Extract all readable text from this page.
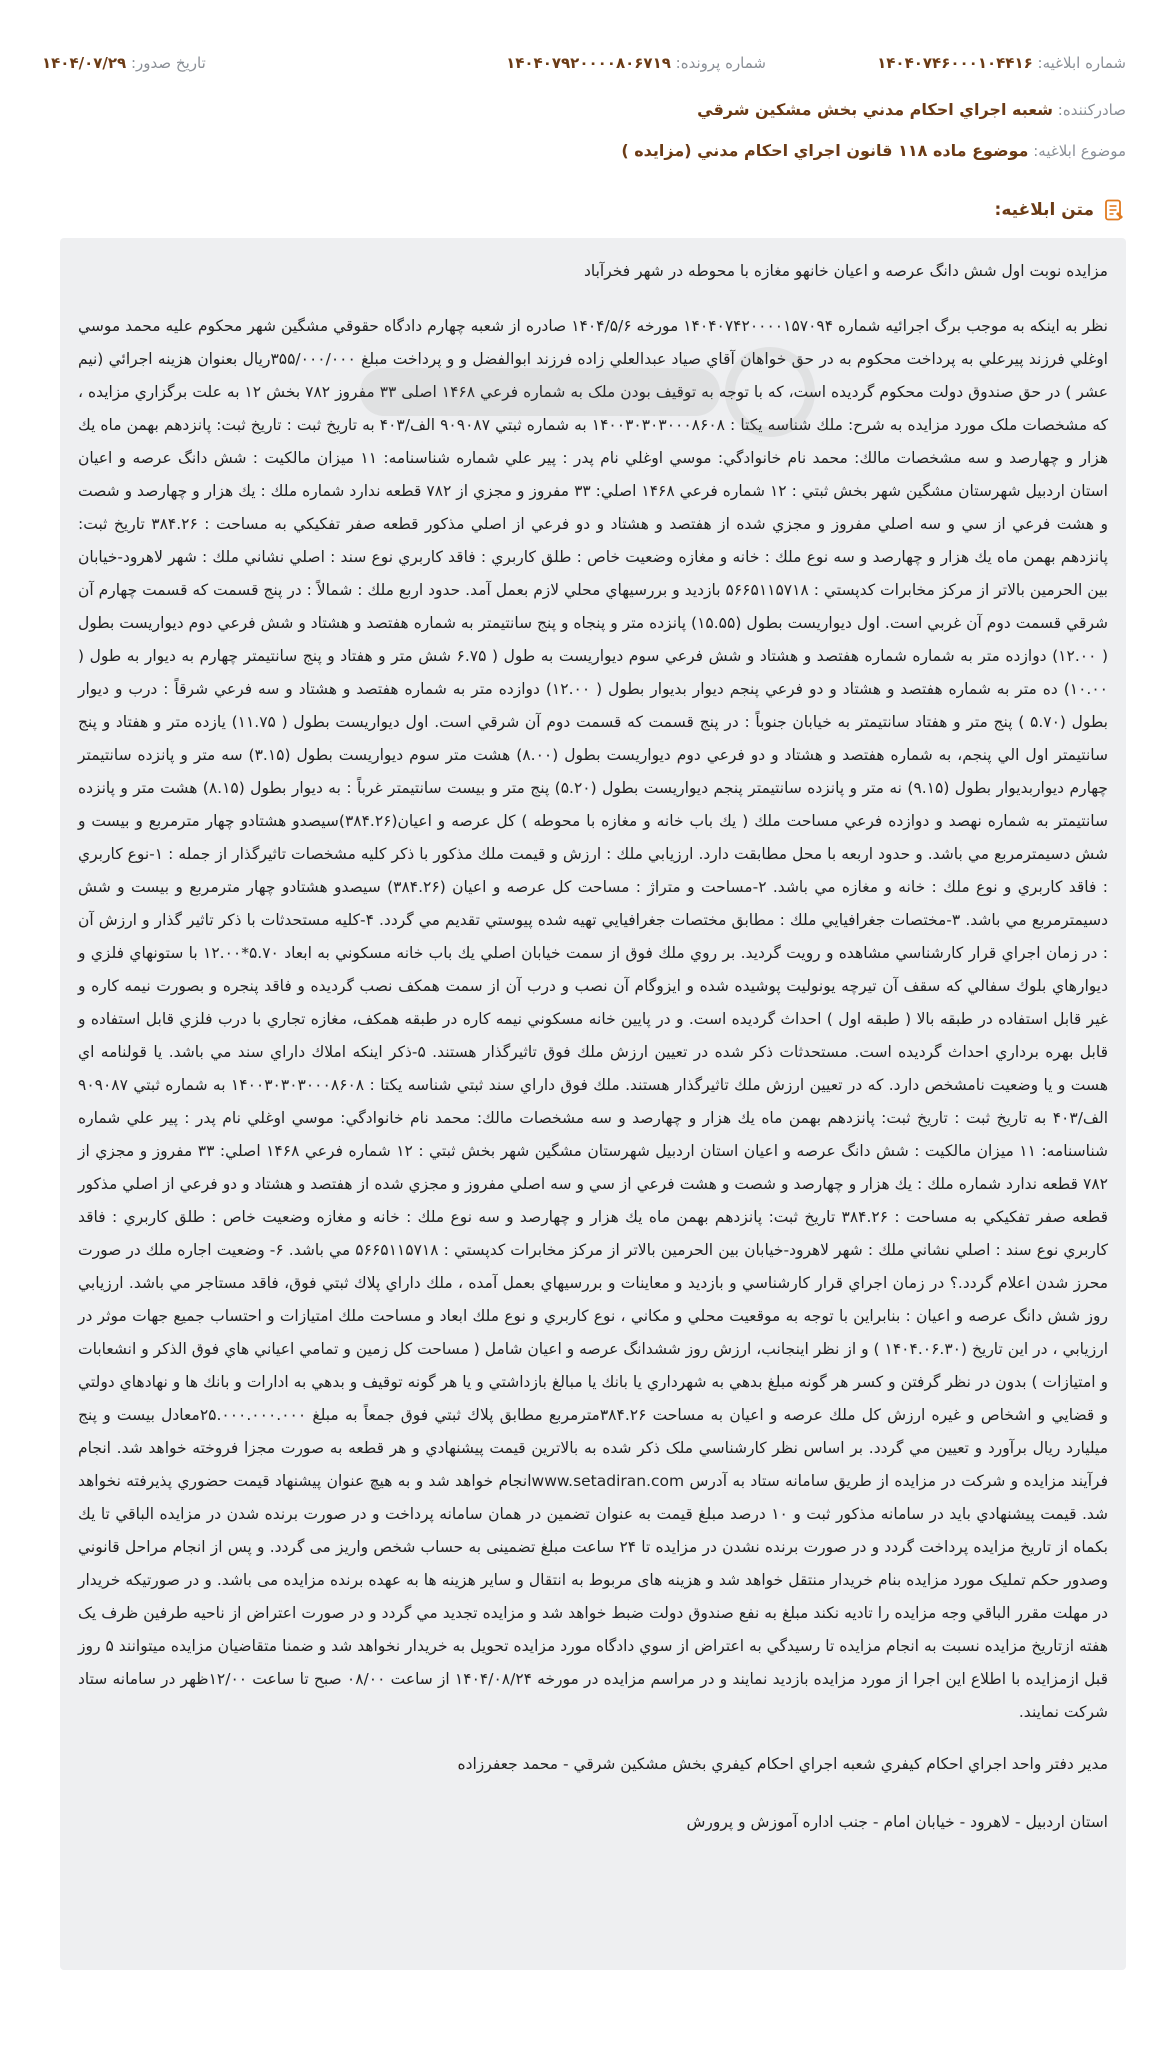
شماره ابلاغيه: ۱۴۰۴۰۷۴۶۰۰۰۱۰۴۴۱۶
شماره پرونده: ۱۴۰۴۰۷۹۲۰۰۰۰۸۰۶۷۱۹
تاريخ صدور: ۱۴۰۴/۰۷/۲۹
صادركننده: شعبه اجراي احكام مدني بخش مشكين شرقي
موضوع ابلاغيه: موضوع ماده ۱۱۸ قانون اجراي احكام مدني (مزايده )
متن ابلاغيه:

مزايده نوبت اول شش دانگ عرصه و اعيان خانهو مغازه با محوطه در شهر فخرآباد

نظر به اينكه به موجب برگ اجرائيه شماره ۱۴۰۴۰۷۴۲۰۰۰۰۱۵۷۰۹۴ مورخه ۱۴۰۴/۵/۶ صادره از شعبه چهارم دادگاه حقوقي مشگين شهر محكوم عليه محمد موسي اوغلي فرزند پيرعلي به پرداخت محكوم به در حق خواهان آقاي صياد عبدالعلي زاده فرزند ابوالفضل و و پرداخت مبلغ ۳۵۵/۰۰۰/۰۰۰ريال بعنوان هزينه اجرائي (نيم عشر ) در حق صندوق دولت محكوم گرديده است، كه با توجه به توقيف بودن ملک به شماره فرعي ۱۴۶۸ اصلی ۳۳ مفروز ۷۸۲ بخش ۱۲ به علت برگزاري مزايده ، كه مشخصات ملک مورد مزايده به شرح: ملك شناسه يكتا : ۱۴۰۰۳۰۳۰۳۰۰۰۸۶۰۸ به شماره ثبتي ۹۰۹۰۸۷ الف/۴۰۳ به تاريخ ثبت : تاريخ ثبت: پانزدهم بهمن ماه يك هزار و چهارصد و سه مشخصات مالك: محمد نام خانوادگي: موسي اوغلي نام پدر : پير علي شماره شناسنامه: ۱۱ ميزان مالكيت : شش دانگ عرصه و اعيان استان اردبيل شهرستان مشگين شهر بخش ثبتي : ۱۲ شماره فرعي ۱۴۶۸ اصلي: ۳۳ مفروز و مجزي از ۷۸۲ قطعه ندارد شماره ملك : يك هزار و چهارصد و شصت و هشت فرعي از سي و سه اصلي مفروز و مجزي شده از هفتصد و هشتاد و دو فرعي از اصلي مذكور قطعه صفر تفكيكي به مساحت : ۳۸۴.۲۶ تاريخ ثبت: پانزدهم بهمن ماه يك هزار و چهارصد و سه نوع ملك : خانه و مغازه وضعيت خاص : طلق كاربري : فاقد كاربري نوع سند : اصلي نشاني ملك : شهر لاهرود-خيابان بين الحرمين بالاتر از مركز مخابرات كدپستي : ۵۶۶۵۱۱۵۷۱۸ بازديد و بررسيهاي محلي لازم بعمل آمد. حدود اربع ملك : شمالاً : در پنج قسمت كه قسمت چهارم آن شرقي قسمت دوم آن غربي است. اول ديواريست بطول (۱۵.۵۵) پانزده متر و پنجاه و پنج سانتيمتر به شماره هفتصد و هشتاد و شش فرعي دوم ديواريست بطول ( ۱۲.۰۰) دوازده متر به شماره شماره هفتصد و هشتاد و شش فرعي سوم ديواريست به طول ( ۶.۷۵ شش متر و هفتاد و پنج سانتيمتر چهارم به ديوار به طول ( ۱۰.۰۰) ده متر به شماره هفتصد و هشتاد و دو فرعي پنجم ديوار بديوار بطول ( ۱۲.۰۰) دوازده متر به شماره هفتصد و هشتاد و سه فرعي شرقاً : درب و ديوار بطول (۵.۷۰ ) پنج متر و هفتاد سانتيمتر به خيابان جنوباً : در پنج قسمت كه قسمت دوم آن شرقي است. اول ديواريست بطول ( ۱۱.۷۵) يازده متر و هفتاد و پنج سانتيمتر اول الي پنجم، به شماره هفتصد و هشتاد و دو فرعي دوم ديواريست بطول (۸.۰۰) هشت متر سوم ديواريست بطول (۳.۱۵) سه متر و پانزده سانتيمتر چهارم ديواربديوار بطول (۹.۱۵) نه متر و پانزده سانتيمتر پنجم ديواريست بطول (۵.۲۰) پنج متر و بيست سانتيمتر غرباً : به ديوار بطول (۸.۱۵) هشت متر و پانزده سانتيمتر به شماره نهصد و دوازده فرعي مساحت ملك ( يك باب خانه و مغازه با محوطه ) كل عرصه و اعيان(۳۸۴.۲۶)سيصدو هشتادو چهار مترمربع و بيست و شش دسيمترمربع مي باشد. و حدود اربعه با محل مطابقت دارد. ارزيابي ملك : ارزش و قيمت ملك مذكور با ذكر كليه مشخصات تاثيرگذار از جمله : ۱-نوع كاربري : فاقد كاربري و نوع ملك : خانه و مغازه مي باشد. ۲-مساحت و متراژ : مساحت كل عرصه و اعيان (۳۸۴.۲۶) سيصدو هشتادو چهار مترمربع و بيست و شش دسيمترمربع مي باشد. ۳-مختصات جغرافيايي ملك : مطابق مختصات جغرافيايي تهيه شده پيوستي تقديم مي گردد. ۴-كليه مستحدثات با ذكر تاثير گذار و ارزش آن : در زمان اجراي قرار كارشناسي مشاهده و رويت گرديد. بر روي ملك فوق از سمت خيابان اصلي يك باب خانه مسكوني به ابعاد ۵.۷۰*۱۲.۰۰ با ستونهاي فلزي و ديوارهاي بلوك سفالي كه سقف آن تيرچه يونوليت پوشيده شده و ايزوگام آن نصب و درب آن از سمت همكف نصب گرديده و فاقد پنجره و بصورت نيمه كاره و غير قابل استفاده در طبقه بالا ( طبقه اول ) احداث گرديده است. و در پايين خانه مسكوني نيمه كاره در طبقه همكف، مغازه تجاري با درب فلزي قابل استفاده و قابل بهره برداري احداث گرديده است. مستحدثات ذكر شده در تعيين ارزش ملك فوق تاثيرگذار هستند. ۵-ذكر اينكه املاك داراي سند مي باشد. يا قولنامه اي هست و يا وضعيت نامشخص دارد. كه در تعيين ارزش ملك تاثيرگذار هستند. ملك فوق داراي سند ثبتي شناسه يكتا : ۱۴۰۰۳۰۳۰۳۰۰۰۸۶۰۸ به شماره ثبتي ۹۰۹۰۸۷ الف/۴۰۳ به تاريخ ثبت : تاريخ ثبت: پانزدهم بهمن ماه يك هزار و چهارصد و سه مشخصات مالك: محمد نام خانوادگي: موسي اوغلي نام پدر : پير علي شماره شناسنامه: ۱۱ ميزان مالكيت : شش دانگ عرصه و اعيان استان اردبيل شهرستان مشگين شهر بخش ثبتي : ۱۲ شماره فرعي ۱۴۶۸ اصلي: ۳۳ مفروز و مجزي از ۷۸۲ قطعه ندارد شماره ملك : يك هزار و چهارصد و شصت و هشت فرعي از سي و سه اصلي مفروز و مجزي شده از هفتصد و هشتاد و دو فرعي از اصلي مذكور قطعه صفر تفكيكي به مساحت : ۳۸۴.۲۶ تاريخ ثبت: پانزدهم بهمن ماه يك هزار و چهارصد و سه نوع ملك : خانه و مغازه وضعيت خاص : طلق كاربري : فاقد كاربري نوع سند : اصلي نشاني ملك : شهر لاهرود-خيابان بين الحرمين بالاتر از مركز مخابرات كدپستي : ۵۶۶۵۱۱۵۷۱۸ مي باشد. ۶- وضعيت اجاره ملك در صورت محرز شدن اعلام گردد.؟ در زمان اجراي قرار كارشناسي و بازديد و معاينات و بررسيهاي بعمل آمده ، ملك داراي پلاك ثبتي فوق، فاقد مستاجر مي باشد. ارزيابي روز شش دانگ عرصه و اعيان : بنابراين با توجه به موقعيت محلي و مكاني ، نوع كاربري و نوع ملك ابعاد و مساحت ملك امتيازات و احتساب جميع جهات موثر در ارزيابي ، در اين تاريخ (۱۴۰۴.۰۶.۳۰ ) و از نظر اينجانب، ارزش روز ششدانگ عرصه و اعيان شامل ( مساحت كل زمين و تمامي اعياني هاي فوق الذكر و انشعابات و امتيازات ) بدون در نظر گرفتن و كسر هر گونه مبلغ بدهي به شهرداري يا بانك يا مبالغ بازداشتي و يا هر گونه توقيف و بدهي به ادارات و بانك ها و نهادهاي دولتي و قضايي و اشخاص و غيره ارزش كل ملك عرصه و اعيان به مساحت ۳۸۴.۲۶مترمربع مطابق پلاك ثبتي فوق جمعاً به مبلغ ۲۵.۰۰۰.۰۰۰.۰۰۰معادل بيست و پنج ميليارد ريال برآورد و تعيين مي گردد. بر اساس نظر كارشناسي ملک ذكر شده به بالاترين قيمت پيشنهادي و هر قطعه به صورت مجزا فروخته خواهد شد. انجام فرآيند مزايده و شركت در مزايده از طريق سامانه ستاد به آدرس www.setadiran.comانجام خواهد شد و به هيچ عنوان پيشنهاد قيمت حضوري پذيرفته نخواهد شد. قيمت پيشنهادي بايد در سامانه مذكور ثبت و ۱۰ درصد مبلغ قيمت به عنوان تضمين در همان سامانه پرداخت و در صورت برنده شدن در مزايده الباقي تا يك بكماه از تاريخ مزايده پرداخت گردد و در صورت برنده نشدن در مزايده تا ۲۴ ساعت مبلغ تضمینی به حساب شخص واريز می گردد. و پس از انجام مراحل قانوني وصدور حکم تملیک مورد مزایده بنام خریدار منتقل خواهد شد و هزینه های مربوط به انتقال و سایر هزینه ها به عهده برنده مزایده می باشد. و در صورتیکه خریدار در مهلت مقرر الباقي وجه مزايده را تاديه نكند مبلغ به نفع صندوق دولت ضبط خواهد شد و مزايده تجديد مي گردد و در صورت اعتراض از ناحيه طرفين ظرف يک هفته ازتاريخ مزايده نسبت به انجام مزايده تا رسيدگي به اعتراض از سوي دادگاه مورد مزايده تحويل به خريدار نخواهد شد و ضمنا متقاضيان مزايده ميتوانند ۵ روز قبل ازمزايده با اطلاع اين اجرا از مورد مزايده بازديد نمايند و در مراسم مزايده در مورخه ۱۴۰۴/۰۸/۲۴ از ساعت ۰۸/۰۰ صبح تا ساعت ۱۲/۰۰ظهر در سامانه ستاد شركت نمايند.

مدير دفتر واحد اجراي احكام كيفري شعبه اجراي احكام كيفري بخش مشكين شرقي - محمد جعفرزاده

استان اردبيل - لاهرود - خيابان امام - جنب اداره آموزش و پرورش
